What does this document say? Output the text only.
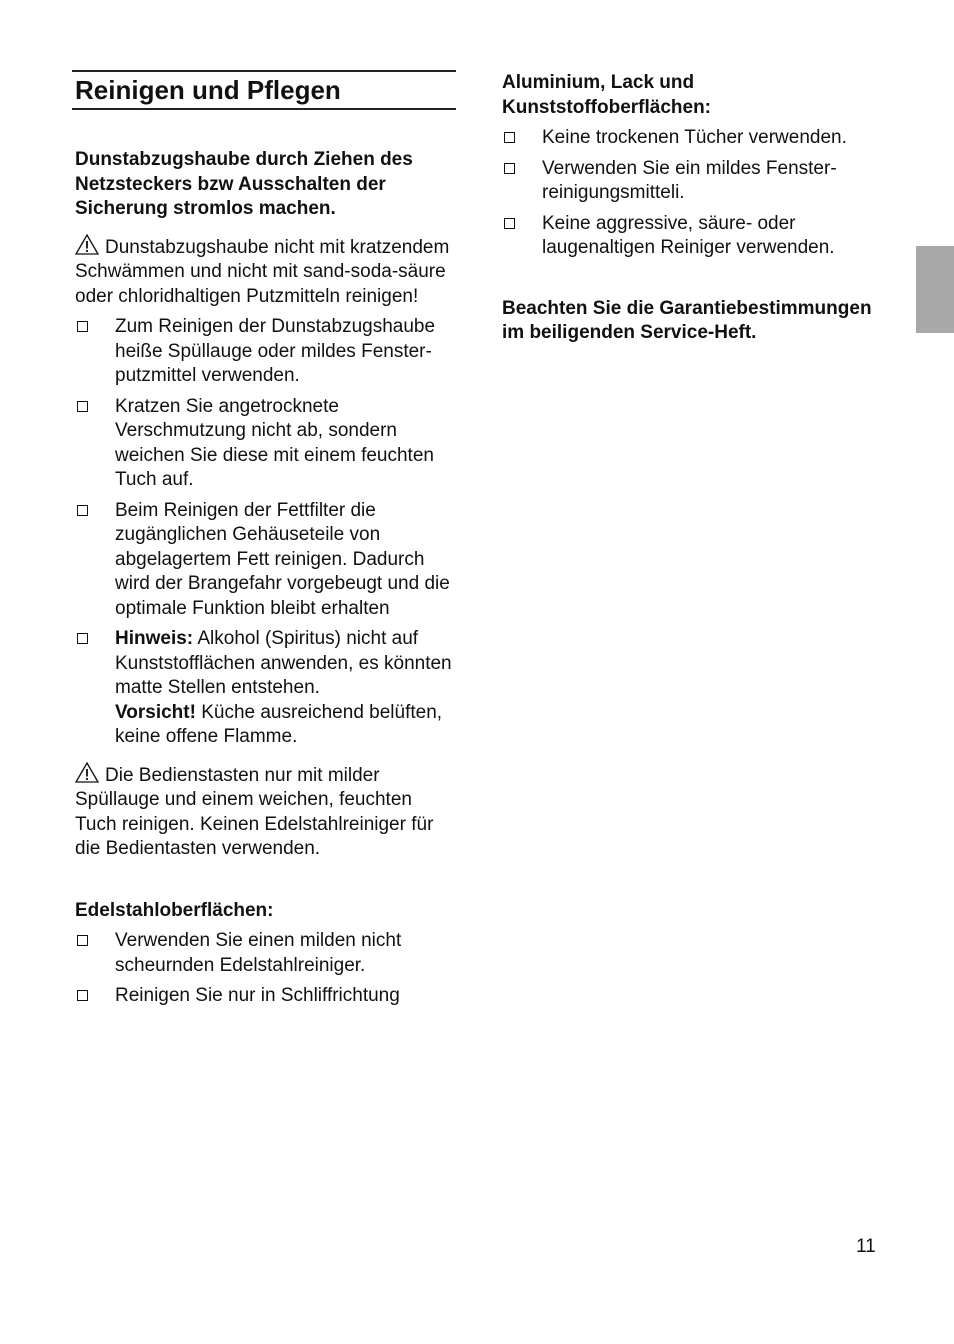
Reinigen und Pflegen

Dunstabzugshaube durch Ziehen des Netzsteckers bzw Ausschalten der Sicherung stromlos machen.

Dunstabzugshaube nicht mit kratzendem Schwämmen und nicht mit sand-soda-säure oder chloridhaltigen Putzmitteln reinigen!

Zum Reinigen der Dunstabzugshaube heiße Spüllauge oder mildes Fenster-putzmittel verwenden.
Kratzen Sie angetrocknete Verschmutzung nicht ab, sondern weichen Sie diese mit einem feuchten Tuch auf.
Beim Reinigen der Fettfilter die zugänglichen Gehäuseteile von abgelagertem Fett reinigen. Dadurch wird der Brangefahr vorgebeugt und die optimale Funktion bleibt erhalten
Hinweis: Alkohol (Spiritus) nicht auf Kunststofflächen anwenden, es könnten matte Stellen entstehen.
Vorsicht! Küche ausreichend belüften, keine offene Flamme.

Die Bedienstasten nur mit milder Spüllauge und einem weichen, feuchten Tuch reinigen. Keinen Edelstahlreiniger für die Bedientasten verwenden.

Edelstahloberflächen:

Verwenden Sie einen milden nicht scheurnden Edelstahlreiniger.
Reinigen Sie nur in Schliffrichtung

Aluminium, Lack und Kunststoffoberflächen:

Keine trockenen Tücher verwenden.
Verwenden Sie ein mildes Fenster-reinigungsmitteli.
Keine aggressive, säure- oder laugenaltigen Reiniger verwenden.

Beachten Sie die Garantiebestimmungen im beiligenden Service-Heft.

11
